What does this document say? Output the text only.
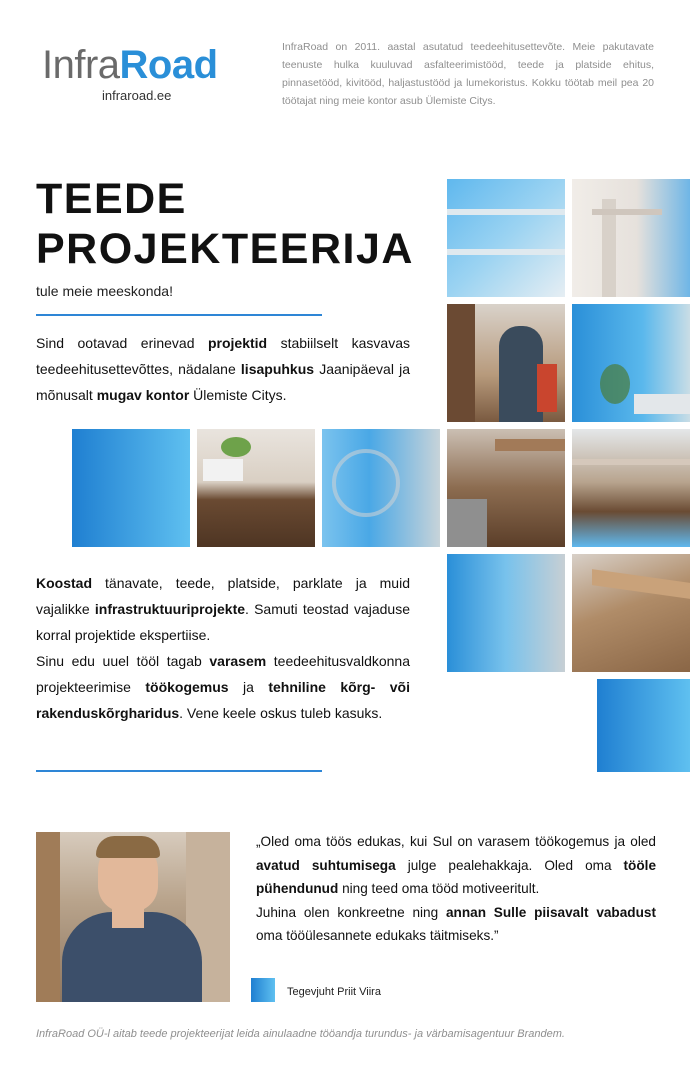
InfraRoad
infraroad.ee
InfraRoad on 2011. aastal asutatud teedeehitusettevõte. Meie pakutavate teenuste hulka kuuluvad asfalteerimistööd, teede ja platside ehitus, pinnasetööd, kivitööd, haljastustööd ja lumekoristus. Kokku töötab meil pea 20 töötajat ning meie kontor asub Ülemiste Citys.
TEEDE
PROJEKTEERIJA
tule meie meeskonda!
Sind ootavad erinevad projektid stabiilselt kasvavas teedeehitusettevõttes, nädalane lisapuhkus Jaanipäeval ja mõnusalt mugav kontor Ülemiste Citys.
Koostad tänavate, teede, platside, parklate ja muid vajalikke infrastruktuuriprojekte. Samuti teostad vajaduse korral projektide ekspertiise.
Sinu edu uuel tööl tagab varasem teedeehitusvaldkonna projekteerimise töökogemus ja tehniline kõrg- või rakenduskõrgharidus. Vene keele oskus tuleb kasuks.
„Oled oma töös edukas, kui Sul on varasem töökogemus ja oled avatud suhtumisega julge pealehakkaja. Oled oma tööle pühendunud ning teed oma tööd motiveeritult.
Juhina olen konkreetne ning annan Sulle piisavalt vabadust oma tööülesannete edukaks täitmiseks.”
Tegevjuht Priit Viira
InfraRoad OÜ-l aitab teede projekteerijat leida ainulaadne tööandja turundus- ja värbamisagentuur Brandem.
